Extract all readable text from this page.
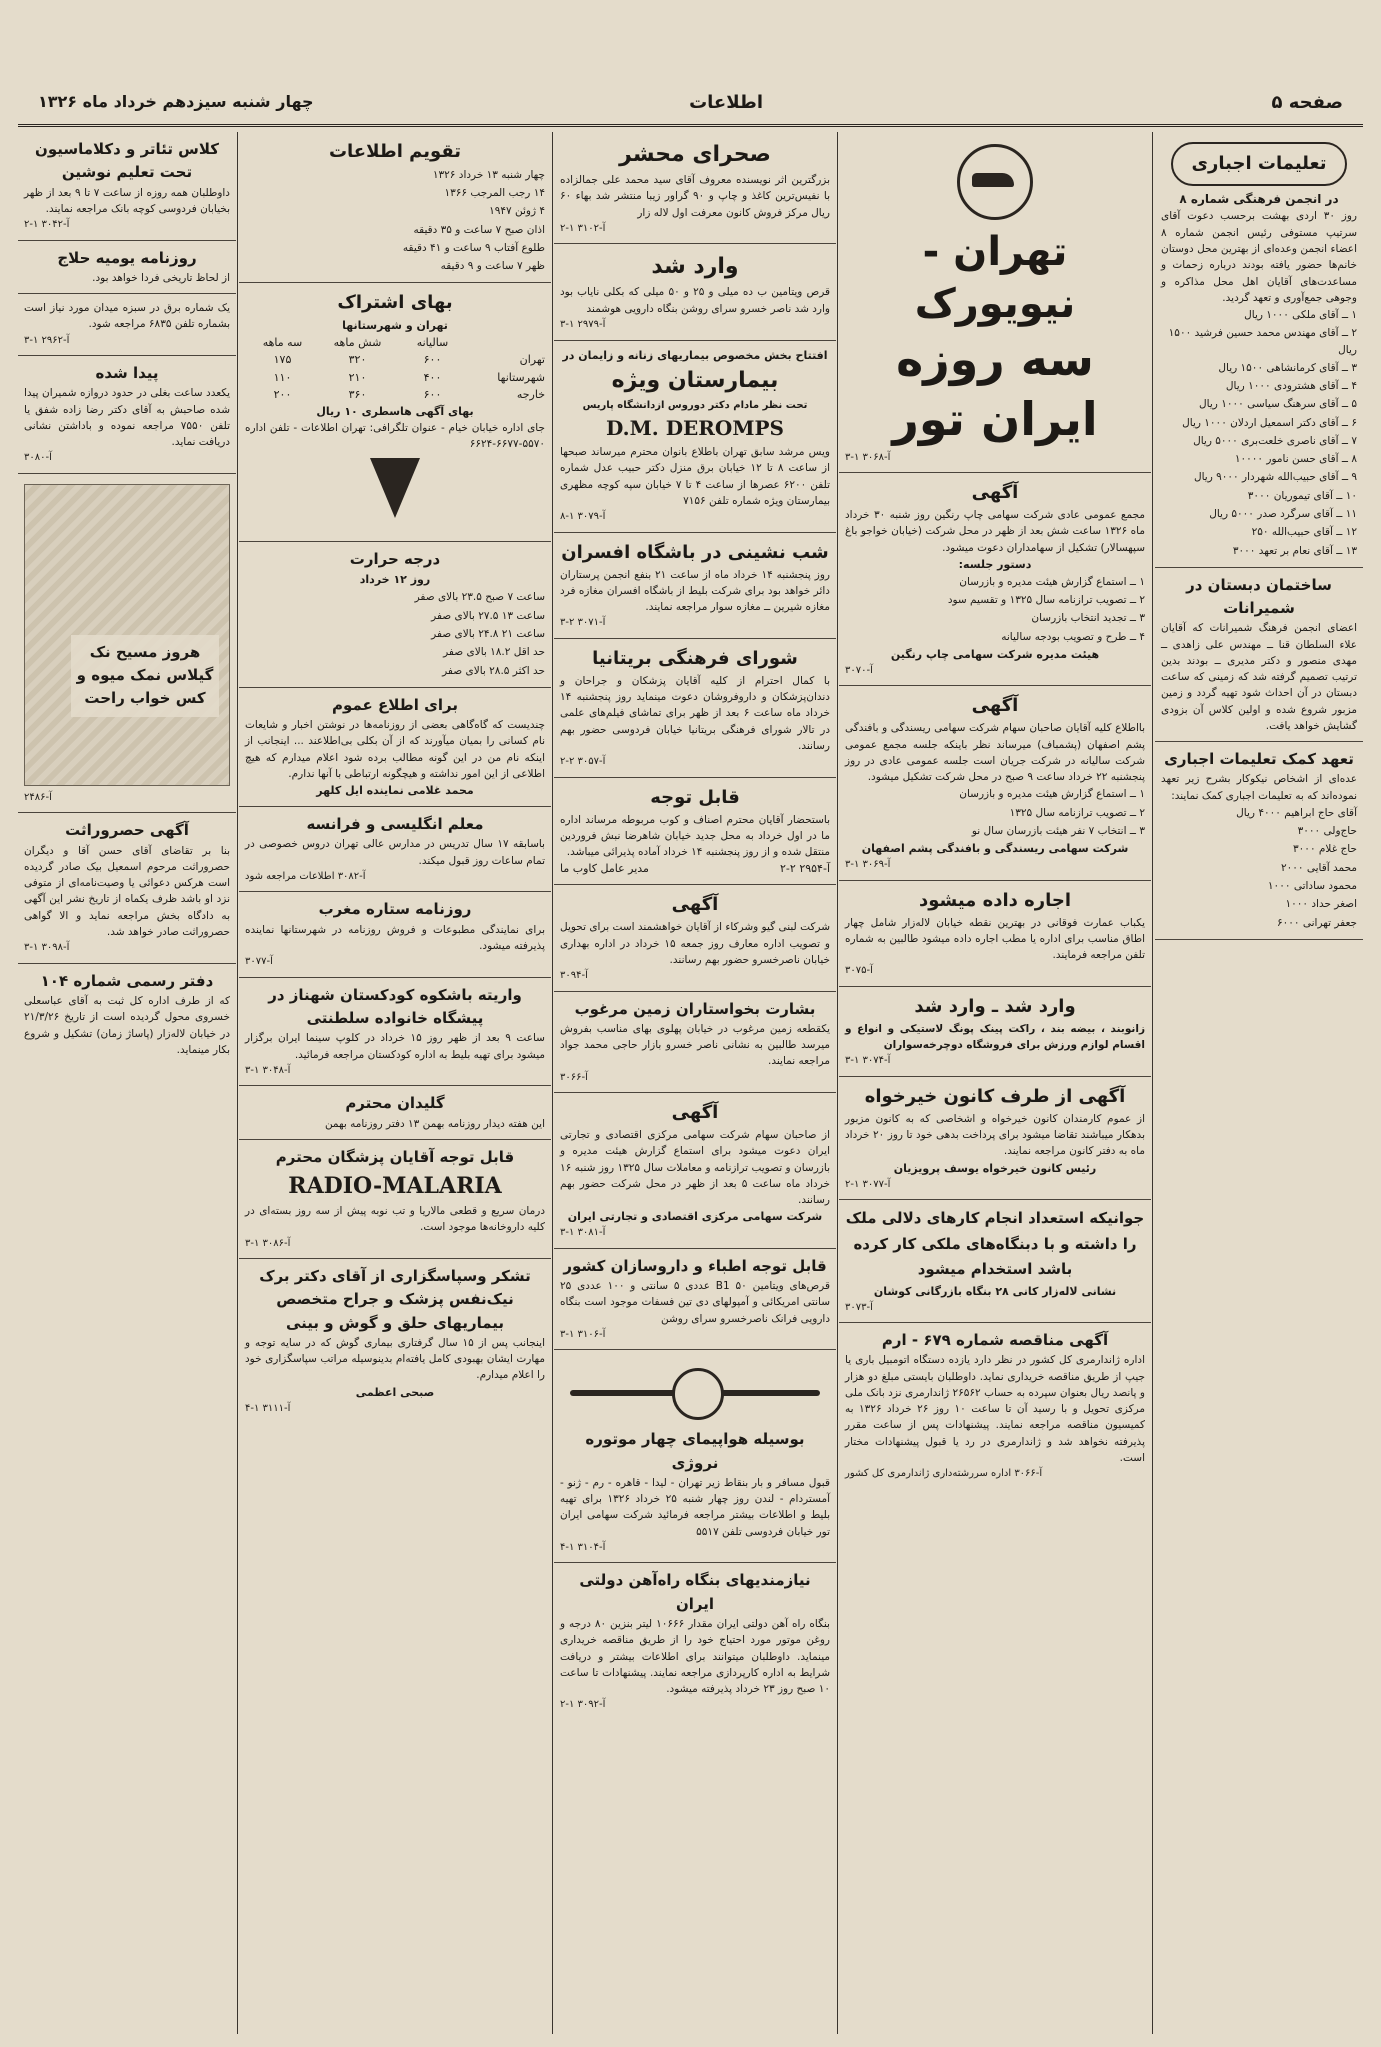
صفحه ۵
اطلاعات
چهار شنبه سیزدهم خرداد ماه ۱۳۲۶
تعلیمات اجباری
در انجمن فرهنگی شماره ۸
روز ۳۰ اردی بهشت برحسب دعوت آقای سرتیپ مستوفی رئیس انجمن شماره ۸ اعضاء انجمن وعده‌ای از بهترین محل دوستان خانم‌ها حضور یافته بودند درباره زحمات و مساعدت‌های آقایان اهل محل مذاکره و وجوهی جمع‌آوری و تعهد گردید.
۱ ــ آقای ملکی ۱۰۰۰ ریال
۲ ــ آقای مهندس محمد حسین فرشید ۱۵۰۰ ریال
۳ ــ آقای کرمانشاهی ۱۵۰۰ ریال
۴ ــ آقای هشترودی ۱۰۰۰ ریال
۵ ــ آقای سرهنگ سیاسی ۱۰۰۰ ریال
۶ ــ آقای دکتر اسمعیل اردلان ۱۰۰۰ ریال
۷ ــ آقای ناصری خلعت‌بری ۵۰۰۰ ریال
۸ ــ آقای حسن نامور ۱۰۰۰۰
۹ ــ آقای حبیب‌الله شهردار ۹۰۰۰ ریال
۱۰ ــ آقای تیموریان ۳۰۰۰
۱۱ ــ آقای سرگرد صدر ۵۰۰۰ ریال
۱۲ ــ آقای حبیب‌الله ۲۵۰
۱۳ ــ آقای نعام بر تعهد ۳۰۰۰
ساختمان دبستان در شمیرانات
اعضای انجمن فرهنگ شمیرانات که آقایان علاء السلطان قنا ــ مهندس علی زاهدی ــ مهدی منصور و دکتر مدیری ــ بودند بدین ترتیب تصمیم گرفته شد که زمینی که ساعت دبستان در آن احداث شود تهیه گردد و زمین مزبور شروع شده و اولین کلاس آن بزودی گشایش خواهد یافت.
تعهد کمک تعلیمات اجباری
عده‌ای از اشخاص نیکوکار بشرح زیر تعهد نموده‌اند که به تعلیمات اجباری کمک نمایند:
آقای حاج ابراهیم ۴۰۰۰ ریال
حاج‌ولی ۳۰۰۰
حاج غلام ۳۰۰۰
محمد آقایی ۲۰۰۰
محمود ساداتی ۱۰۰۰
اصغر حداد ۱۰۰۰
جعفر تهرانی ۶۰۰۰
تهران - نیویورک
سه روزه
ایران تور
آ-۳۰۶۸ ۱-۳
آگهی
مجمع عمومی عادی شرکت سهامی چاپ رنگین روز شنبه ۳۰ خرداد ماه ۱۳۲۶ ساعت شش بعد از ظهر در محل شرکت (خیابان خواجو باغ سپهسالار) تشکیل از سهامداران دعوت میشود.
دستور جلسه:
۱ ــ استماع گزارش هیئت مدیره و بازرسان
۲ ــ تصویب ترازنامه سال ۱۳۲۵ و تقسیم سود
۳ ــ تجدید انتخاب بازرسان
۴ ــ طرح و تصویب بودجه سالیانه
هیئت مدیره شرکت سهامی چاپ رنگین
آ-۳۰۷۰
آگهی
بااطلاع کلیه آقایان صاحبان سهام شرکت سهامی ریسندگی و بافندگی پشم اصفهان (پشمباف) میرساند نظر باینکه جلسه مجمع عمومی شرکت سالیانه در شرکت جریان است جلسه عمومی عادی در روز پنجشنبه ۲۲ خرداد ساعت ۹ صبح در محل شرکت تشکیل میشود.
۱ ــ استماع گزارش هیئت مدیره و بازرسان
۲ ــ تصویب ترازنامه سال ۱۳۲۵
۳ ــ انتخاب ۷ نفر هیئت بازرسان سال نو
شرکت سهامی ریسندگی و بافندگی پشم اصفهان
آ-۳۰۶۹ ۱-۳
اجاره داده میشود
یکباب عمارت فوقانی در بهترین نقطه خیابان لاله‌زار شامل چهار اطاق مناسب برای اداره یا مطب اجاره داده میشود طالبین به شماره تلفن مراجعه فرمایند.
آ-۳۰۷۵
وارد شد ـ وارد شد
زانوبند ، بیضه بند ، راکت پینک پونگ لاستیکی و انواع و اقسام لوازم ورزش برای فروشگاه دوچرخه‌سواران
آ-۳۰۷۴ ۱-۳
آگهی از طرف کانون خیرخواه
از عموم کارمندان کانون خیرخواه و اشخاصی که به کانون مزبور بدهکار میباشند تقاضا میشود برای پرداخت بدهی خود تا روز ۲۰ خرداد ماه به دفتر کانون مراجعه نمایند.
رئیس کانون خیرخواه یوسف پرویزیان
آ-۳۰۷۷ ۱-۲
جوانیکه استعداد انجام کارهای دلالی ملک را داشته و با دبنگاه‌های ملکی کار کرده باشد استخدام میشود
نشانی لاله‌زار کانی ۲۸ بنگاه بازرگانی کوشان
آ-۳۰۷۳
آگهی مناقصه شماره ۶۷۹ - ارم
اداره ژاندارمری کل کشور در نظر دارد یازده دستگاه اتومبیل باری یا جیپ از طریق مناقصه خریداری نماید. داوطلبان بایستی مبلغ دو هزار و پانصد ریال بعنوان سپرده به حساب ۲۶۵۶۲ ژاندارمری نزد بانک ملی مرکزی تحویل و با رسید آن تا ساعت ۱۰ روز ۲۶ خرداد ۱۳۲۶ به کمیسیون مناقصه مراجعه نمایند. پیشنهادات پس از ساعت مقرر پذیرفته نخواهد شد و ژاندارمری در رد یا قبول پیشنهادات مختار است.
آ-۳۰۶۶ اداره سررشته‌داری ژاندارمری کل کشور
صحرای محشر
بزرگترین اثر نویسنده معروف آقای سید محمد علی جمالزاده با نفیس‌ترین کاغذ و چاپ و ۹۰ گراور زیبا منتشر شد بهاء ۶۰ ریال مرکز فروش کانون معرفت اول لاله زار
آ-۳۱۰۲ ۱-۲
وارد شد
قرص ویتامین ب ده میلی و ۲۵ و ۵۰ میلی که بکلی نایاب بود وارد شد ناصر خسرو سرای روشن بنگاه دارویی هوشمند
آ-۲۹۷۹ ۱-۳
افتتاح بخش مخصوص بیماریهای زنانه و زایمان در
بیمارستان ویژه
تحت نظر مادام دکتر دوروس ازدانشگاه پاریس
D.M. DEROMPS
ویس مرشد سابق تهران باطلاع بانوان محترم میرساند صبحها از ساعت ۸ تا ۱۲ خیابان برق منزل دکتر حبیب عدل شماره تلفن ۶۲۰۰ عصرها از ساعت ۴ تا ۷ خیابان سپه کوچه مظهری بیمارستان ویژه شماره تلفن ۷۱۵۶
آ-۳۰۷۹ ۱-۸
شب نشینی در باشگاه افسران
روز پنجشنبه ۱۴ خرداد ماه از ساعت ۲۱ بنفع انجمن پرستاران دائر خواهد بود برای شرکت بلیط از باشگاه افسران مغازه فرد مغازه شیرین ــ مغازه سوار مراجعه نمایند.
آ-۳۰۷۱ ۲-۳
شورای فرهنگی بریتانیا
با کمال احترام از کلیه آقایان پزشکان و جراحان و دندان‌پزشکان و داروفروشان دعوت مینماید روز پنجشنبه ۱۴ خرداد ماه ساعت ۶ بعد از ظهر برای تماشای فیلم‌های علمی در تالار شورای فرهنگی بریتانیا خیابان فردوسی حضور بهم رسانند.
آ-۳۰۵۷ ۲-۲
قابل توجه
باستحضار آقایان محترم اصناف و کوب مربوطه مرساند اداره ما در اول خرداد به محل جدید خیابان شاهرضا نبش فروردین منتقل شده و از روز پنجشنبه ۱۴ خرداد آماده پذیرائی میباشد.
آ-۲۹۵۴ ۲-۲
مدیر عامل کاوب ما
آگهی
شرکت لبنی گیو وشرکاء از آقایان خواهشمند است برای تحویل و تصویب اداره معارف روز جمعه ۱۵ خرداد در اداره بهداری خیابان ناصرخسرو حضور بهم رسانند.
آ-۳۰۹۴
بشارت بخواستاران زمین مرغوب
یکقطعه زمین مرغوب در خیابان پهلوی بهای مناسب بفروش میرسد طالبین به نشانی ناصر خسرو بازار حاجی محمد جواد مراجعه نمایند.
آ-۳۰۶۶
آگهی
از صاحبان سهام شرکت سهامی مرکزی اقتصادی و تجارتی ایران دعوت میشود برای استماع گزارش هیئت مدیره و بازرسان و تصویب ترازنامه و معاملات سال ۱۳۲۵ روز شنبه ۱۶ خرداد ماه ساعت ۵ بعد از ظهر در محل شرکت حضور بهم رسانند.
شرکت سهامی مرکزی اقتصادی و تجارتی ایران
آ-۳۰۸۱ ۱-۳
قابل توجه اطباء و داروسازان کشور
قرص‌های ویتامین B1 ۵۰ عددی ۵ سانتی و ۱۰۰ عددی ۲۵ سانتی امریکائی و آمپولهای دی تین فسفات موجود است بنگاه دارویی فرانک ناصرخسرو سرای روشن
آ-۳۱۰۶ ۱-۳
بوسیله هواپیمای چهار موتوره نروژی
قبول مسافر و بار بنقاط زیر تهران - لیدا - قاهره - رم - ژنو - آمستردام - لندن روز چهار شنبه ۲۵ خرداد ۱۳۲۶ برای تهیه بلیط و اطلاعات بیشتر مراجعه فرمائید شرکت سهامی ایران تور خیابان فردوسی تلفن ۵۵۱۷
آ-۳۱۰۴ ۱-۴
نیازمندیهای بنگاه راه‌آهن دولتی ایران
بنگاه راه آهن دولتی ایران مقدار ۱۰۶۶۶ لیتر بنزین ۸۰ درجه و روغن موتور مورد احتیاج خود را از طریق مناقصه خریداری مینماید. داوطلبان میتوانند برای اطلاعات بیشتر و دریافت شرایط به اداره کارپردازی مراجعه نمایند. پیشنهادات تا ساعت ۱۰ صبح روز ۲۳ خرداد پذیرفته میشود.
آ-۳۰۹۲ ۱-۲
تقویم اطلاعات
چهار شنبه ۱۳ خرداد ۱۳۲۶
۱۴ رجب المرجب ۱۳۶۶
۴ ژوئن ۱۹۴۷
اذان صبح ۷ ساعت و ۳۵ دقیقه
طلوع آفتاب ۹ ساعت و ۴۱ دقیقه
ظهر ۷ ساعت و ۹ دقیقه
بهای اشتراک
تهران و شهرستانها
سالیانه
شش ماهه
سه ماهه
تهران
۶۰۰
۳۲۰
۱۷۵
شهرستانها
۴۰۰
۲۱۰
۱۱۰
خارجه
۶۰۰
۳۶۰
۲۰۰
بهای آگهی هاسطری ۱۰ ریال
جای اداره خیابان خیام - عنوان تلگرافی: تهران اطلاعات - تلفن اداره ۵۵۷۰-۶۶۷۷-۶۶۲۴
درجه حرارت
روز ۱۲ خرداد
ساعت ۷ صبح ۲۳.۵ بالای صفر
ساعت ۱۳ ۲۷.۵ بالای صفر
ساعت ۲۱ ۲۴.۸ بالای صفر
حد اقل ۱۸.۲ بالای صفر
حد اکثر ۲۸.۵ بالای صفر
برای اطلاع عموم
چندیست که گاه‌گاهی بعضی از روزنامه‌ها در نوشتن اخبار و شایعات نام کسانی را بمیان میآورند که از آن بکلی بی‌اطلاعند ... اینجانب از اینکه نام من در این گونه مطالب برده شود اعلام میدارم که هیچ اطلاعی از این امور نداشته و هیچگونه ارتباطی با آنها ندارم.
محمد غلامی نماینده ایل کلهر
معلم انگلیسی و فرانسه
باسابقه ۱۷ سال تدریس در مدارس عالی تهران دروس خصوصی در تمام ساعات روز قبول میکند.
آ-۳۰۸۲ اطلاعات مراجعه شود
روزنامه ستاره مغرب
برای نمایندگی مطبوعات و فروش روزنامه در شهرستانها نماینده پذیرفته میشود.
آ-۳۰۷۷
واریته باشکوه کودکستان شهناز در پیشگاه خانواده سلطنتی
ساعت ۹ بعد از ظهر روز ۱۵ خرداد در کلوپ سینما ایران برگزار میشود برای تهیه بلیط به اداره کودکستان مراجعه فرمائید.
آ-۳۰۴۸ ۱-۳
گلیدان محترم
این هفته دیدار روزنامه بهمن ۱۳ دفتر روزنامه بهمن
قابل توجه آقایان پزشگان محترم
RADIO-MALARIA
درمان سریع و قطعی مالاریا و تب نوبه پیش از سه روز بسته‌ای در کلیه داروخانه‌ها موجود است.
آ-۳۰۸۶ ۱-۳
تشکر وسپاسگزاری از آقای دکتر برک نیک‌نفس پزشک و جراح متخصص بیماریهای حلق و گوش و بینی
اینجانب پس از ۱۵ سال گرفتاری بیماری گوش که در سایه توجه و مهارت ایشان بهبودی کامل یافته‌ام بدینوسیله مراتب سپاسگزاری خود را اعلام میدارم.
صبحی اعظمی
آ-۳۱۱۱ ۱-۴
کلاس تئاتر و دکلاماسیون تحت تعلیم نوشین
داوطلبان همه روزه از ساعت ۷ تا ۹ بعد از ظهر بخیابان فردوسی کوچه بانک مراجعه نمایند.
آ-۳۰۴۲ ۱-۲
روزنامه یومیه حلاج
از لحاظ تاریخی فردا خواهد بود.
یک شماره برق در سبزه میدان مورد نیاز است بشماره تلفن ۶۸۳۵ مراجعه شود.
آ-۲۹۶۲ ۱-۳
پیدا شده
یکعدد ساعت بغلی در حدود دروازه شمیران پیدا شده صاحبش به آقای دکتر رضا زاده شفق یا تلفن ۷۵۵۰ مراجعه نموده و باداشتن نشانی دریافت نماید.
آ-۳۰۸۰
هروز مسیح نک گیلاس نمک میوه و کس خواب راحت
آ-۲۴۸۶
آگهی حصروراثت
بنا بر تقاضای آقای حسن آقا و دیگران حصروراثت مرحوم اسمعیل بیک صادر گردیده است هرکس دعوائی یا وصیت‌نامه‌ای از متوفی نزد او باشد ظرف یکماه از تاریخ نشر این آگهی به دادگاه بخش مراجعه نماید و الا گواهی حصروراثت صادر خواهد شد.
آ-۳۰۹۸ ۱-۳
دفتر رسمی شماره ۱۰۴
که از طرف اداره کل ثبت به آقای عباسعلی خسروی محول گردیده است از تاریخ ۲۱/۳/۲۶ در خیابان لاله‌زار (پاساژ زمان) تشکیل و شروع بکار مینماید.
